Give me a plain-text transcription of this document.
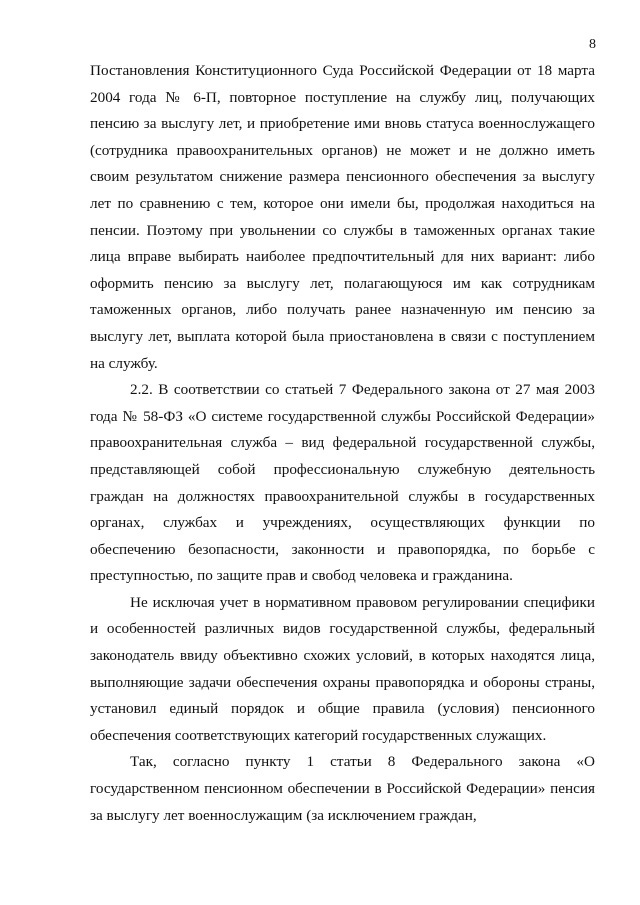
8

Постановления Конституционного Суда Российской Федерации от 18 марта 2004 года № 6-П, повторное поступление на службу лиц, получающих пенсию за выслугу лет, и приобретение ими вновь статуса военнослужащего (сотрудника правоохранительных органов) не может и не должно иметь своим результатом снижение размера пенсионного обеспечения за выслугу лет по сравнению с тем, которое они имели бы, продолжая находиться на пенсии. Поэтому при увольнении со службы в таможенных органах такие лица вправе выбирать наиболее предпочтительный для них вариант: либо оформить пенсию за выслугу лет, полагающуюся им как сотрудникам таможенных органов, либо получать ранее назначенную им пенсию за выслугу лет, выплата которой была приостановлена в связи с поступлением на службу.

2.2. В соответствии со статьей 7 Федерального закона от 27 мая 2003 года № 58-ФЗ «О системе государственной службы Российской Федерации» правоохранительная служба – вид федеральной государственной службы, представляющей собой профессиональную служебную деятельность граждан на должностях правоохранительной службы в государственных органах, службах и учреждениях, осуществляющих функции по обеспечению безопасности, законности и правопорядка, по борьбе с преступностью, по защите прав и свобод человека и гражданина.

Не исключая учет в нормативном правовом регулировании специфики и особенностей различных видов государственной службы, федеральный законодатель ввиду объективно схожих условий, в которых находятся лица, выполняющие задачи обеспечения охраны правопорядка и обороны страны, установил единый порядок и общие правила (условия) пенсионного обеспечения соответствующих категорий государственных служащих.

Так, согласно пункту 1 статьи 8 Федерального закона «О государственном пенсионном обеспечении в Российской Федерации» пенсия за выслугу лет военнослужащим (за исключением граждан,
